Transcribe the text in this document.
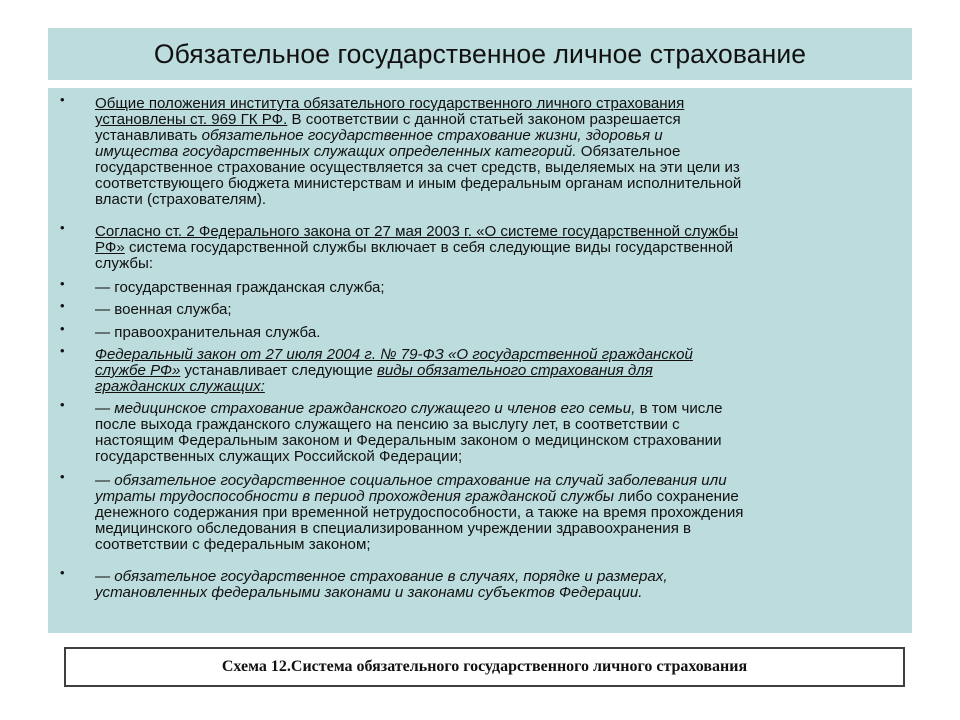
Обязательное государственное личное страхование
• Общие положения института обязательного государственного личного страхования
установлены ст. 969 ГК РФ. В соответствии с данной статьей законом разрешается
устанавливать обязательное государственное страхование жизни, здоровья и
имущества государственных служащих определенных категорий. Обязательное
государственное страхование осуществляется за счет средств, выделяемых на эти цели из
соответствующего бюджета министерствам и иным федеральным органам исполнительной
власти (страхователям).
• Согласно ст. 2 Федерального закона от 27 мая 2003 г. «О системе государственной службы
РФ» система государственной службы включает в себя следующие виды государственной
службы:
• — государственная гражданская служба;
• — военная служба;
• — правоохранительная служба.
• Федеральный закон от 27 июля 2004 г. № 79-ФЗ «О государственной гражданской
службе РФ» устанавливает следующие виды обязательного страхования для
гражданских служащих:
• — медицинское страхование гражданского служащего и членов его семьи, в том числе
после выхода гражданского служащего на пенсию за выслугу лет, в соответствии с
настоящим Федеральным законом и Федеральным законом о медицинском страховании
государственных служащих Российской Федерации;
• — обязательное государственное социальное страхование на случай заболевания или
утраты трудоспособности в период прохождения гражданской службы либо сохранение
денежного содержания при временной нетрудоспособности, а также на время прохождения
медицинского обследования в специализированном учреждении здравоохранения в
соответствии с федеральным законом;
• — обязательное государственное страхование в случаях, порядке и размерах,
установленных федеральными законами и законами субъектов Федерации.
Схема 12.Система обязательного государственного личного страхования
